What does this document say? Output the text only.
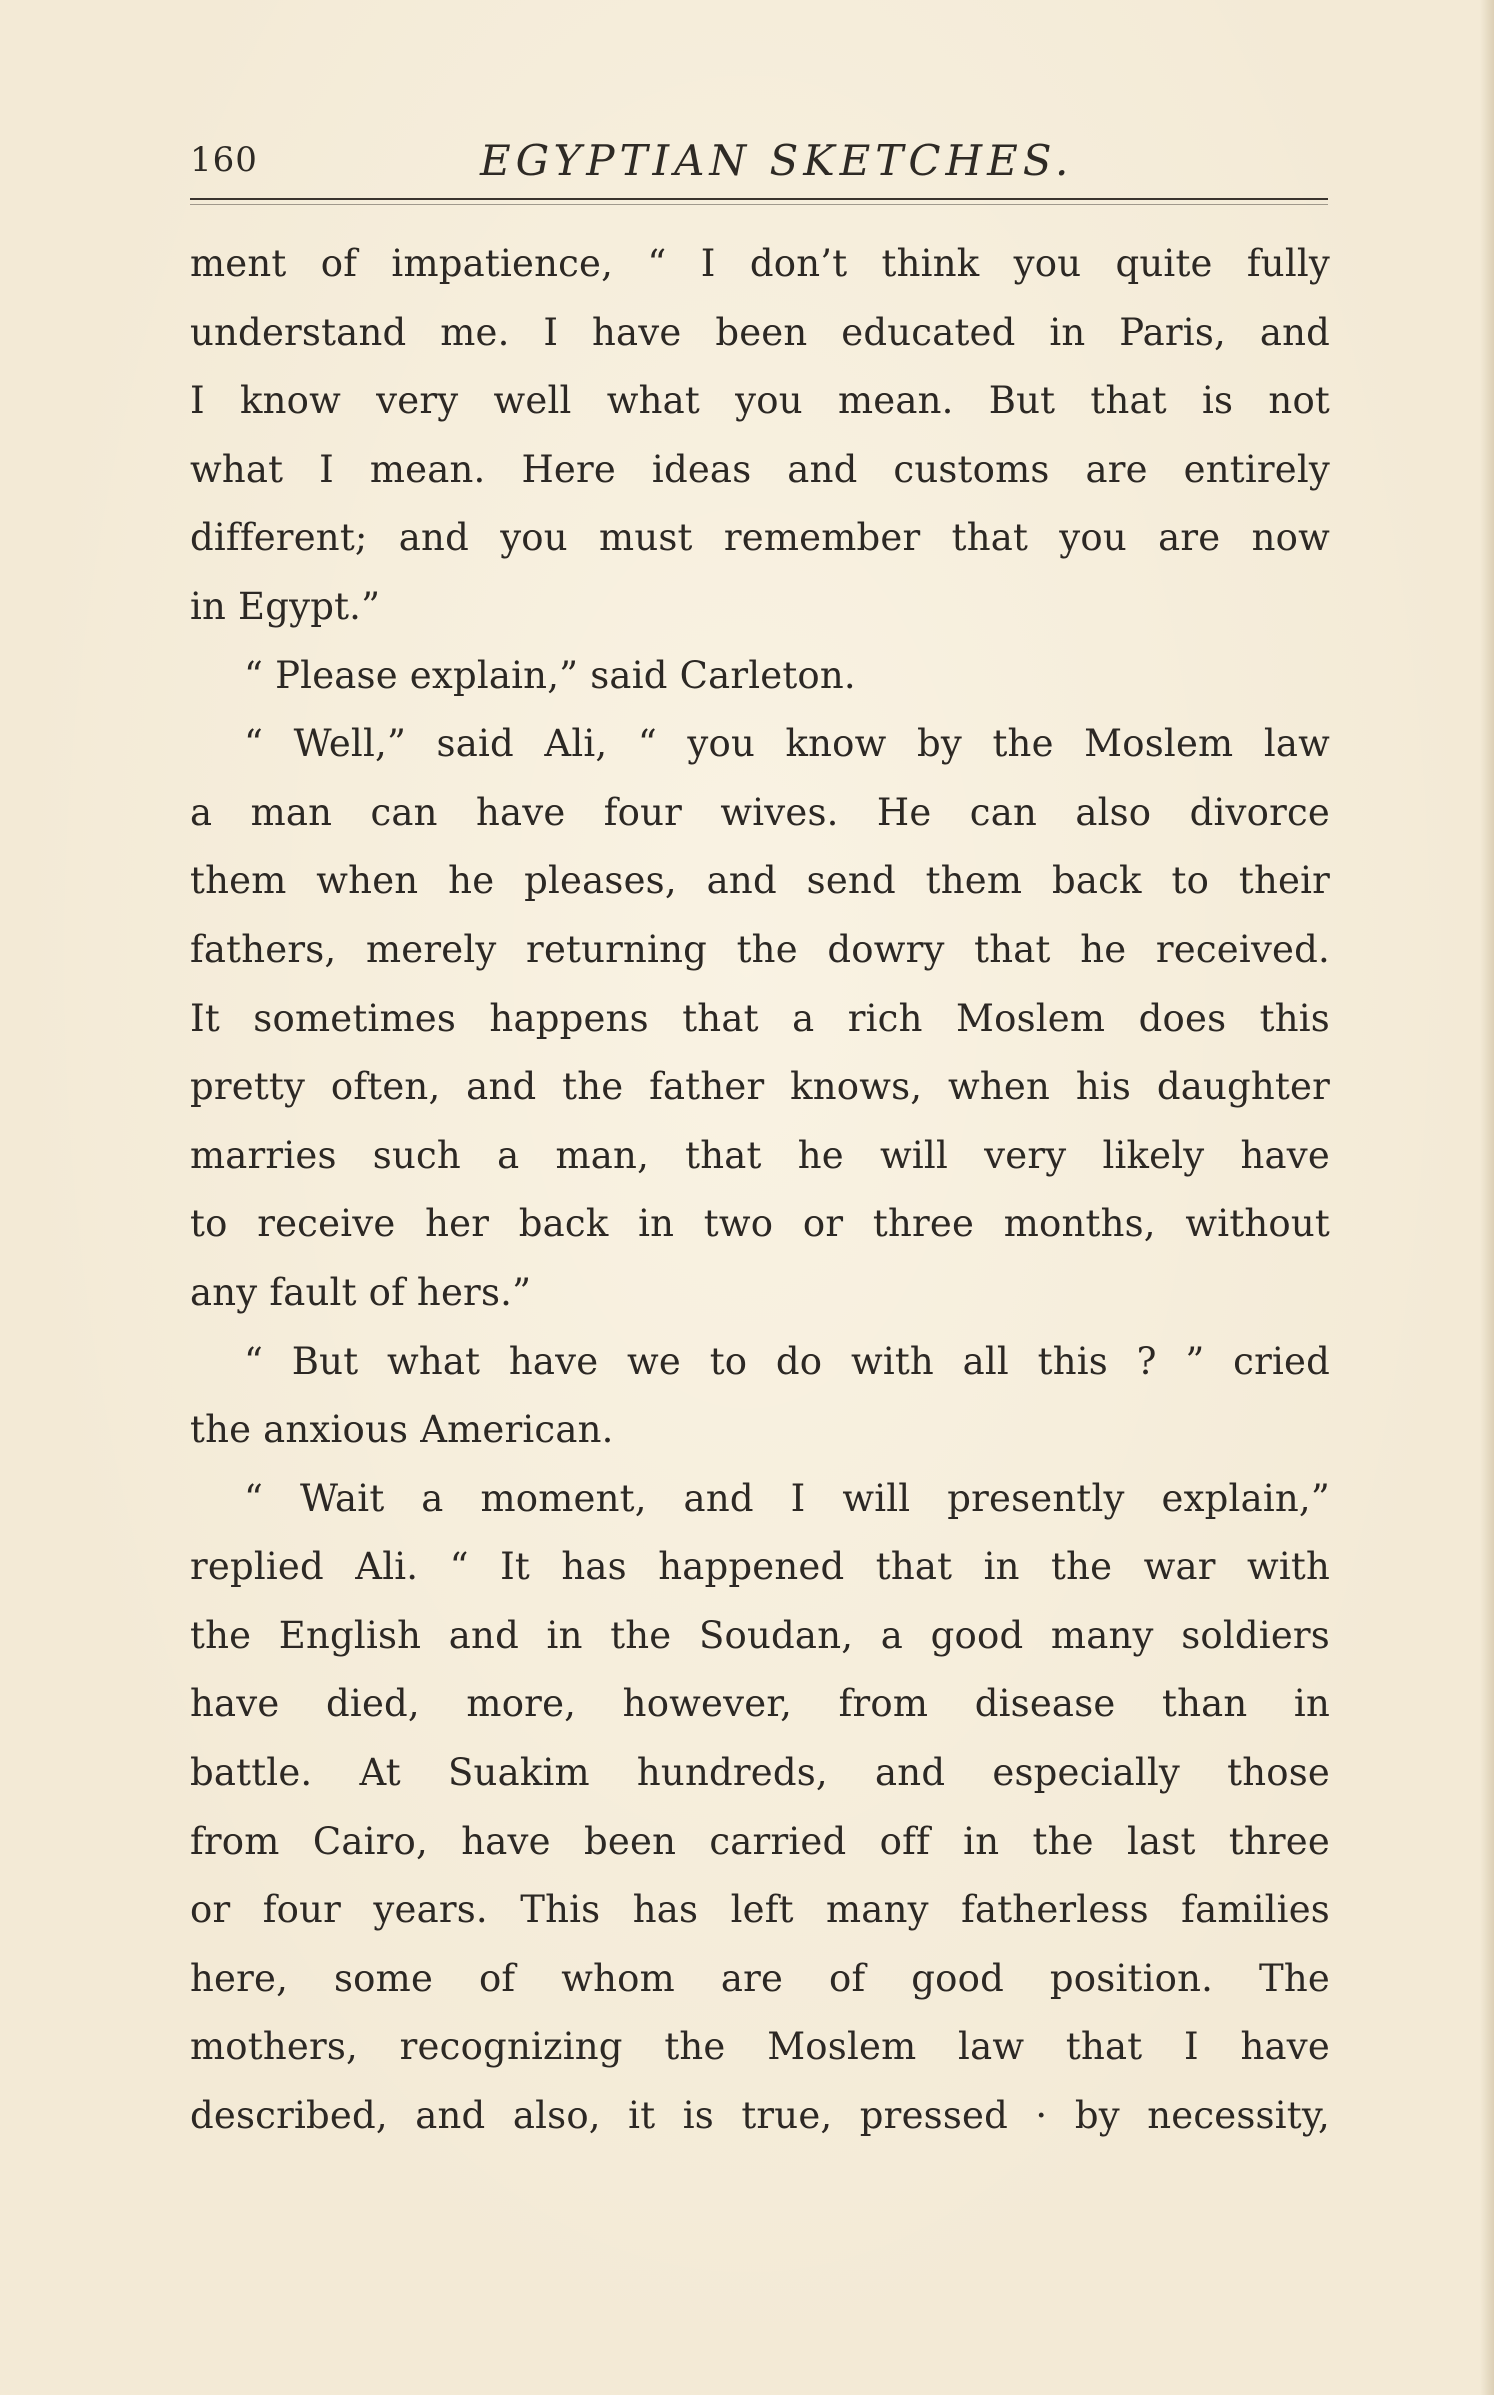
160	EGYPTIAN SKETCHES.
ment of impatience, “ I don’t think you quite fully
understand me. I have been educated in Paris, and
I know very well what you mean. But that is not
what I mean. Here ideas and customs are entirely
different; and you must remember that you are now
in Egypt.”
“ Please explain,” said Carleton.
“ Well,” said Ali, “ you know by the Moslem law
a man can have four wives. He can also divorce
them when he pleases, and send them back to their
fathers, merely returning the dowry that he received.
It sometimes happens that a rich Moslem does this
pretty often, and the father knows, when his daughter
marries such a man, that he will very likely have
to receive her back in two or three months, without
any fault of hers.”
“ But what have we to do with all this ? ” cried
the anxious American.
“ Wait a moment, and I will presently explain,”
replied Ali. “ It has happened that in the war with
the English and in the Soudan, a good many soldiers
have died, more, however, from disease than in
battle. At Suakim hundreds, and especially those
from Cairo, have been carried off in the last three
or four years. This has left many fatherless families
here, some of whom are of good position. The
mothers, recognizing the Moslem law that I have
described, and also, it is true, pressed · by necessity,
